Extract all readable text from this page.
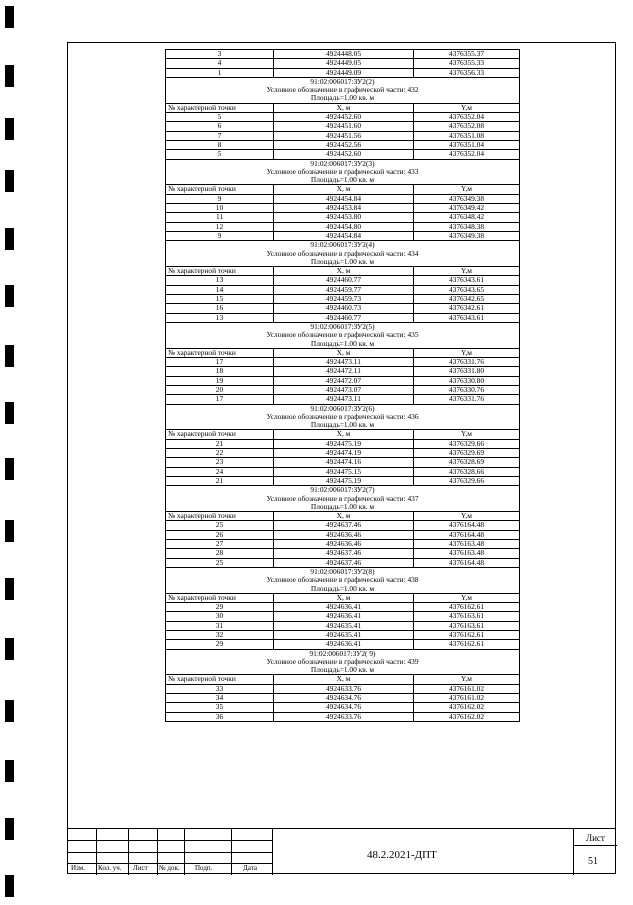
3	4924448.05	4376355.37
4	4924449.05	4376355.33
1	4924449.09	4376356.33
91:02:006017:ЗУ2(2)		
Условное обозначение в графической части: 432		
Площадь=1.00 кв. м		
№ характерной точки	X, м	Y,м
5	4924452.60	4376352.04
6	4924451.60	4376352.08
7	4924451.56	4376351.08
8	4924452.56	4376351.04
5	4924452.60	4376352.04
91:02:006017:ЗУ2(3)		
Условное обозначение в графической части: 433		
Площадь=1.00 кв. м		
№ характерной точки	X, м	Y,м
9	4924454.84	4376349.38
10	4924453.84	4376349.42
11	4924453.80	4376348.42
12	4924454.80	4376348.38
9	4924454.84	4376349.38
91:02:006017:ЗУ2(4)		
Условное обозначение в графической части: 434		
Площадь=1.00 кв. м		
№ характерной точки	X, м	Y,м
13	4924460.77	4376343.61
14	4924459.77	4376343.65
15	4924459.73	4376342.65
16	4924460.73	4376342.61
13	4924460.77	4376343.61
91:02:006017:ЗУ2(5)		
Условное обозначение в графической части: 435		
Площадь=1.00 кв. м		
№ характерной точки	X, м	Y,м
17	4924473.11	4376331.76
18	4924472.11	4376331.80
19	4924472.07	4376330.80
20	4924473.07	4376330.76
17	4924473.11	4376331.76
91:02:006017:ЗУ2(6)		
Условное обозначение в графической части: 436		
Площадь=1.00 кв. м		
№ характерной точки	X, м	Y,м
21	4924475.19	4376329.66
22	4924474.19	4376329.69
23	4924474.16	4376328.69
24	4924475.15	4376328.66
21	4924475.19	4376329.66
91:02:006017:ЗУ2(7)		
Условное обозначение в графической части: 437		
Площадь=1.00 кв. м		
№ характерной точки	X, м	Y,м
25	4924637.46	4376164.48
26	4924636.46	4376164.48
27	4924636.46	4376163.48
28	4924637.46	4376163.48
25	4924637.46	4376164.48
91:02:006017:ЗУ2(8)		
Условное обозначение в графической части: 438		
Площадь=1.00 кв. м		
№ характерной точки	X, м	Y,м
29	4924636.41	4376162.61
30	4924636.41	4376163.61
31	4924635.41	4376163.61
32	4924635.41	4376162.61
29	4924636.41	4376162.61
91:02:006017:ЗУ2( 9)		
Условное обозначение в графической части: 439		
Площадь=1.00 кв. м		
№ характерной точки	X, м	Y,м
33	4924633.76	4376161.02
34	4924634.76	4376161.02
35	4924634.76	4376162.02
36	4924633.76	4376162.02
Изм. Кол. уч. Лист № док. Подп.	Дата
48.2.2021-ДПТ
Лист
51
